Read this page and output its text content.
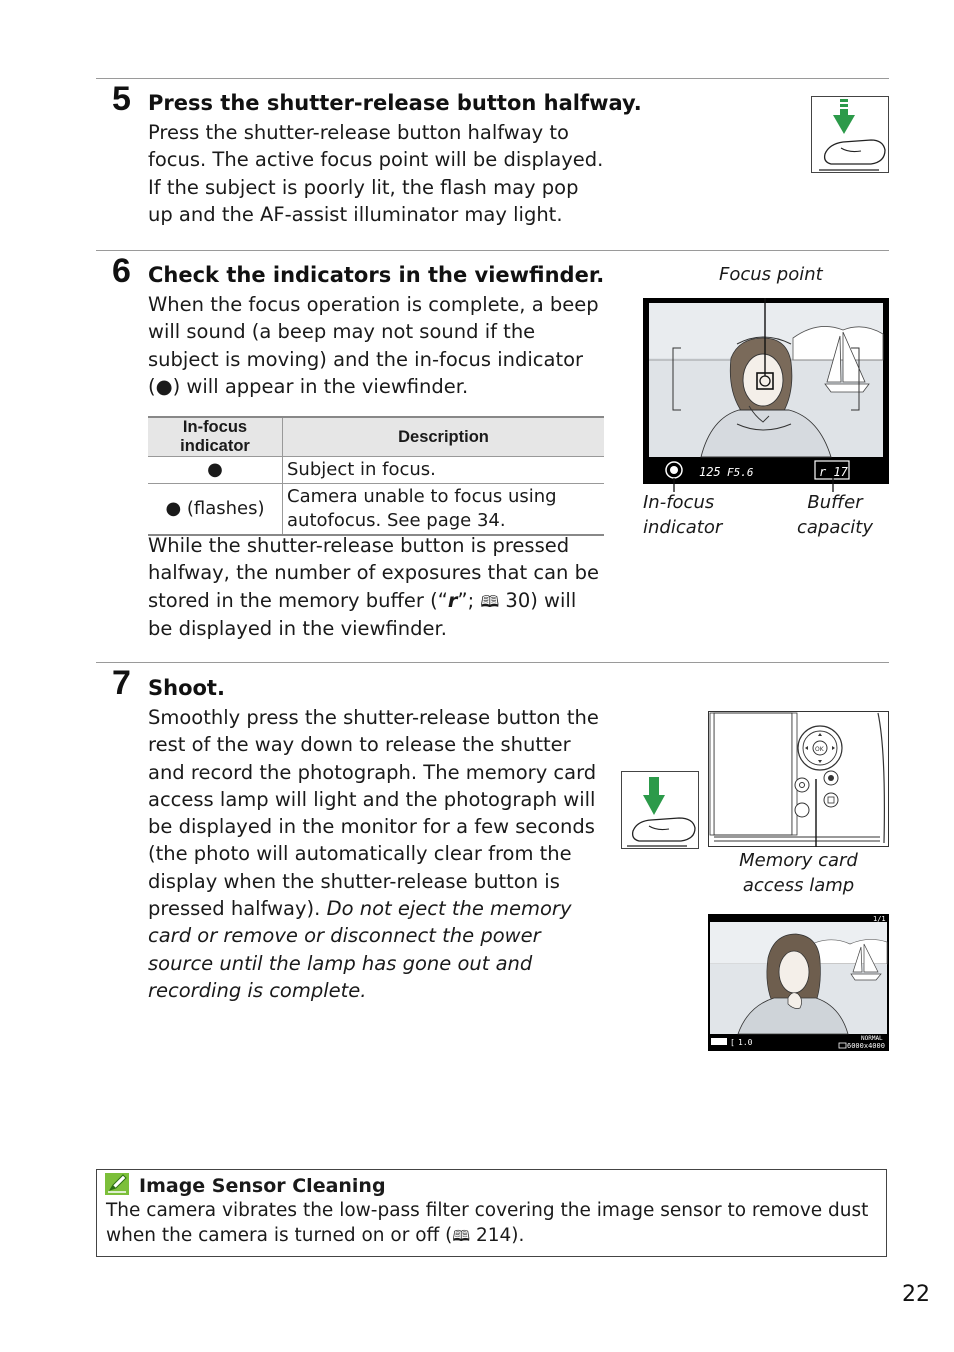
5 Press the shutter-release button halfway.
Press the shutter-release button halfway to focus. The active focus point will be displayed. If the subject is poorly lit, the flash may pop up and the AF-assist illuminator may light.
6 Check the indicators in the viewfinder.
When the focus operation is complete, a beep will sound (a beep may not sound if the subject is moving) and the in-focus indicator (●) will appear in the viewfinder.
In-focus indicator	Description
●	Subject in focus.
● (flashes)	Camera unable to focus using autofocus. See page 34.
While the shutter-release button is pressed halfway, the number of exposures that can be stored in the memory buffer (“r”; 🕮︎ 30) will be displayed in the viewfinder.
Focus point
125 F5.6	r 17
In-focus indicator
Buffer capacity
7 Shoot.
Smoothly press the shutter-release button the rest of the way down to release the shutter and record the photograph. The memory card access lamp will light and the photograph will be displayed in the monitor for a few seconds (the photo will automatically clear from the display when the shutter-release button is pressed halfway). Do not eject the memory card or remove or disconnect the power source until the lamp has gone out and recording is complete.
OK
Memory card access lamp
1/1
[ 1.0	NORMAL
6000x4000
Image Sensor Cleaning
The camera vibrates the low-pass filter covering the image sensor to remove dust when the camera is turned on or off (🕮︎ 214).
22
